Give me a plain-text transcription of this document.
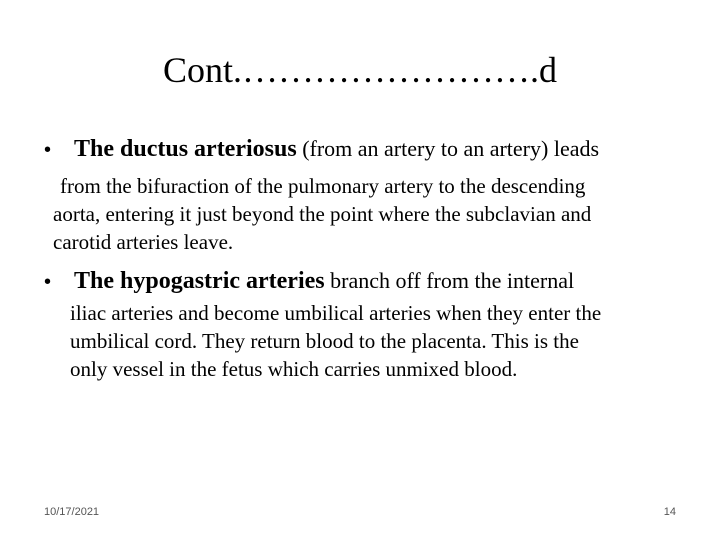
Cont.…………………….d
• The ductus arteriosus (from an artery to an artery) leads
from the bifuraction of the pulmonary artery to the descending
aorta, entering it just beyond the point where the subclavian and
carotid arteries leave.
• The hypogastric arteries branch off from the internal
iliac arteries and become umbilical arteries when they enter the
umbilical cord. They return blood to the placenta. This is the
only vessel in the fetus which carries unmixed blood.
10/17/2021	14
